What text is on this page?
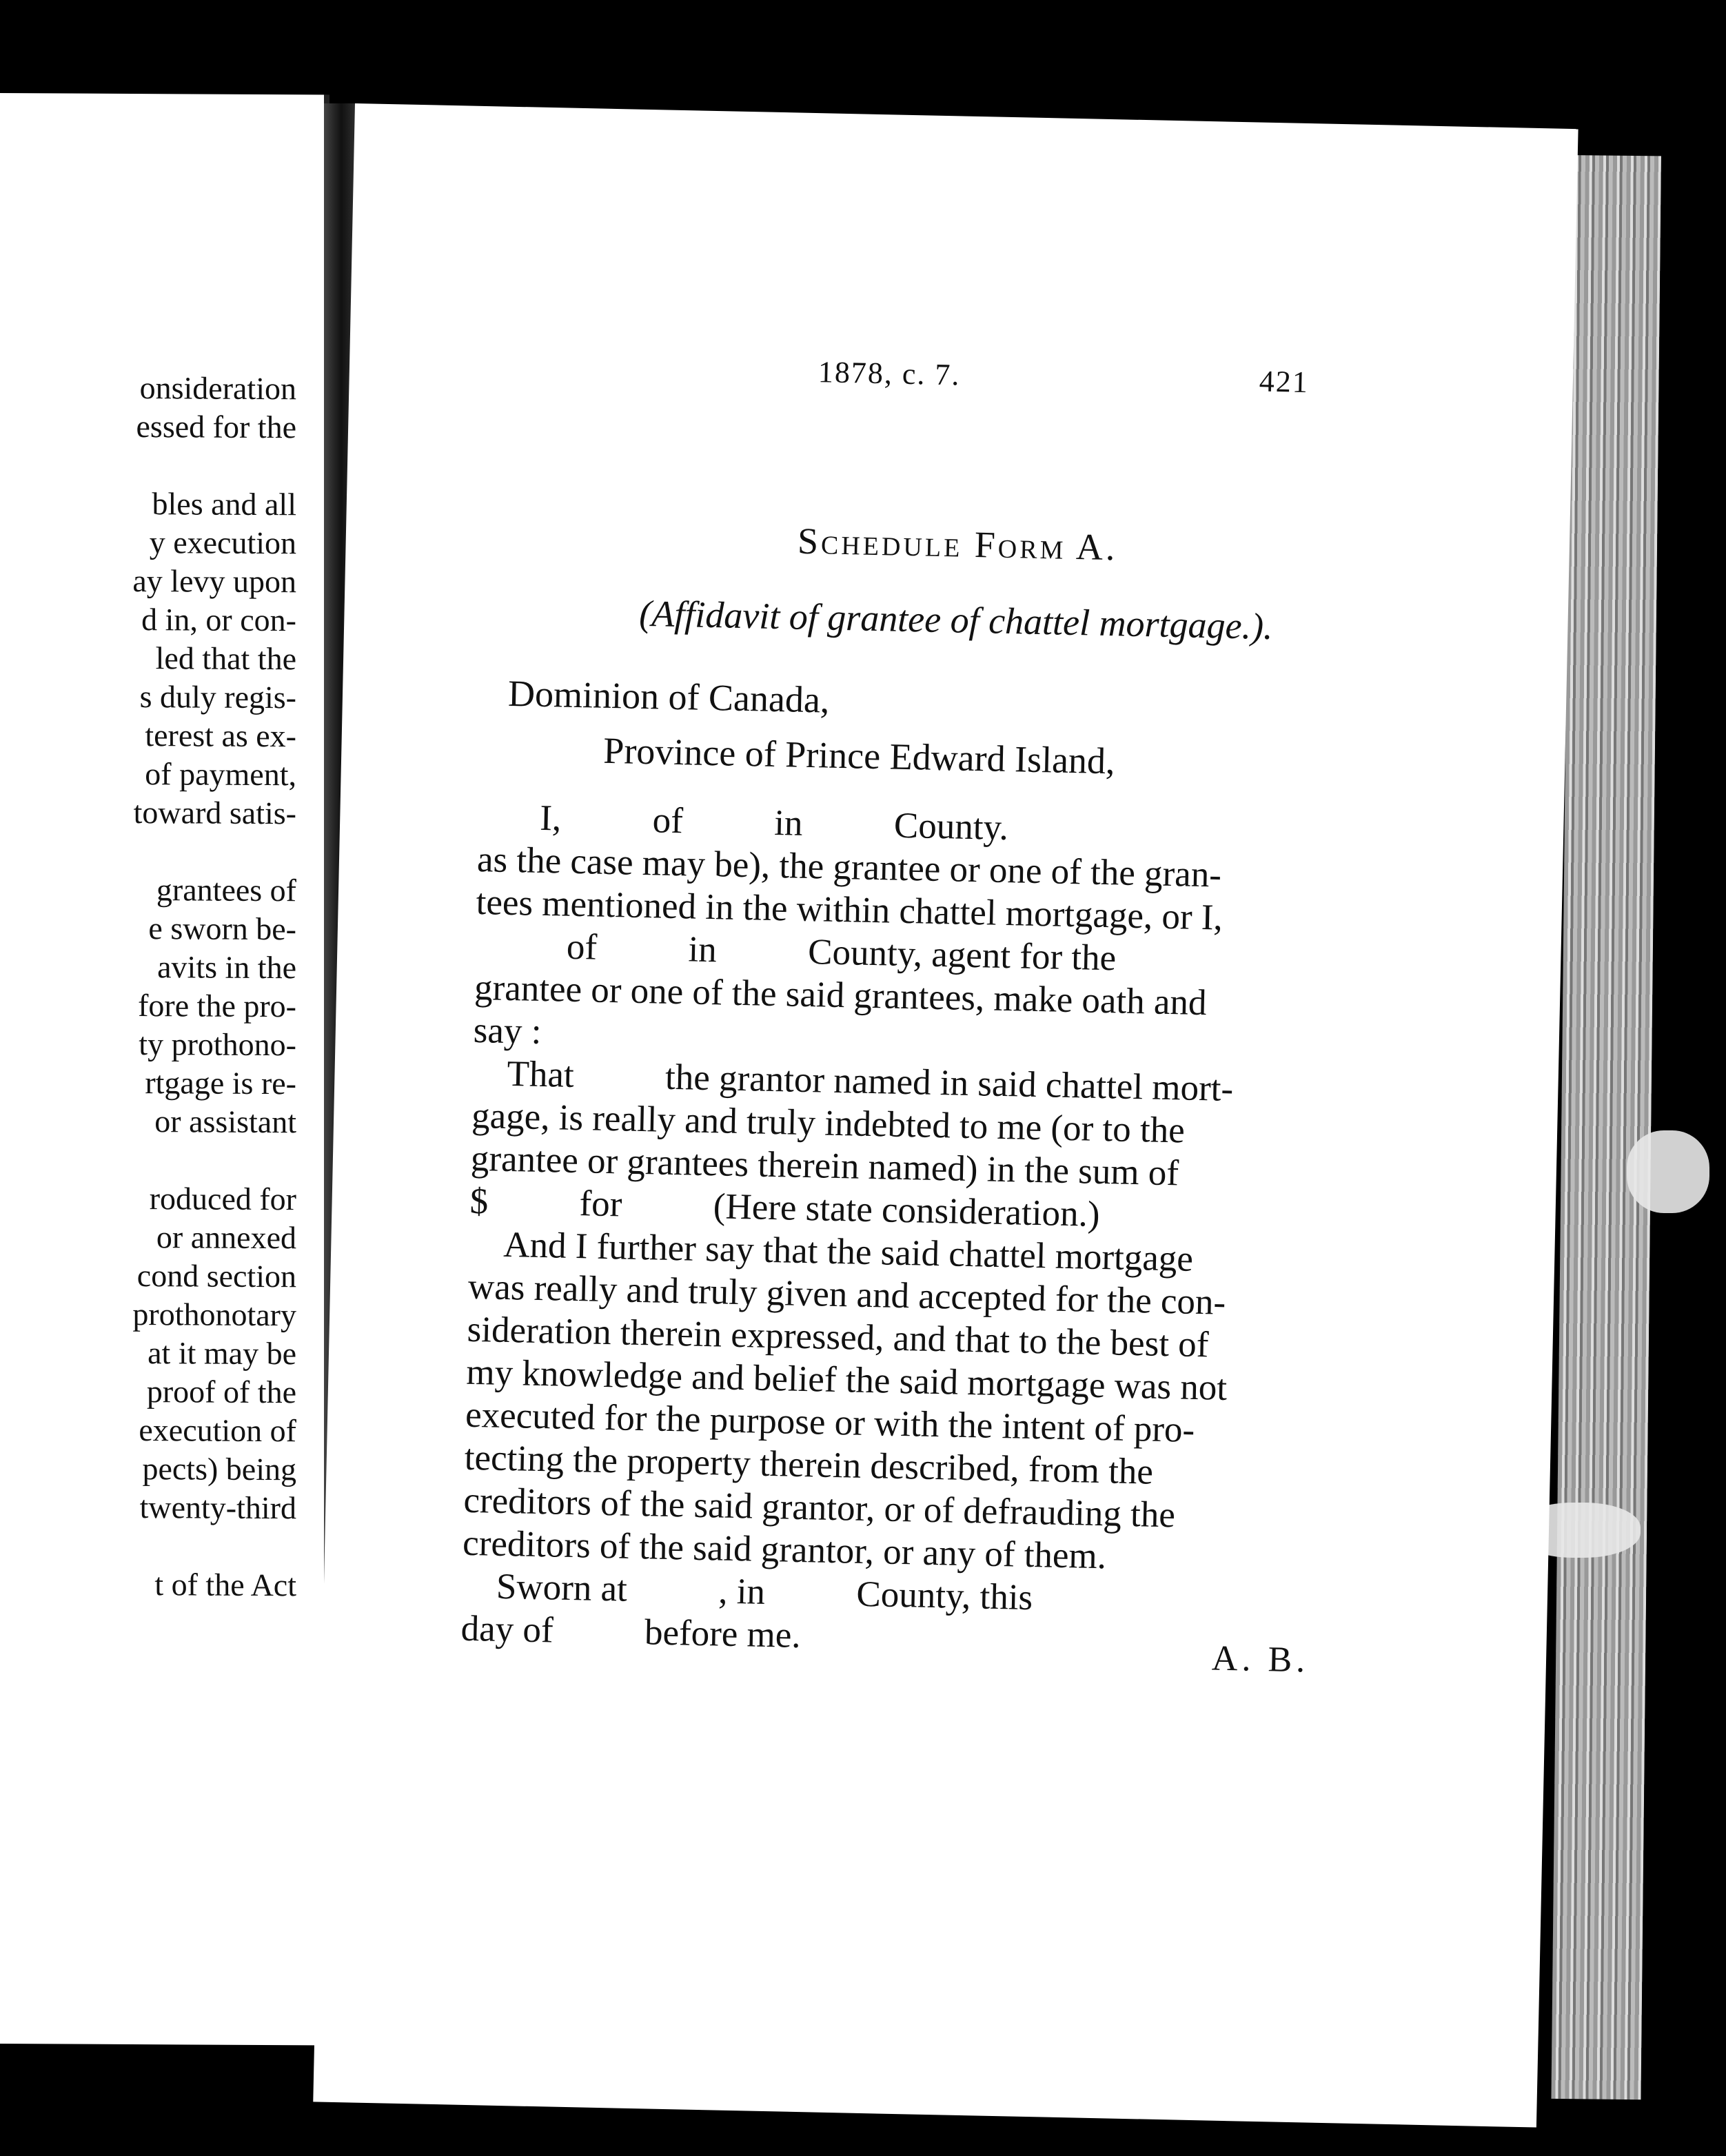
onsideration
essed for the
bles and all
y execution
ay levy upon
d in, or con-
led that the
s duly regis-
terest as ex-
of payment,
toward satis-
grantees of
e sworn be-
avits in the
fore the pro-
ty prothono-
rtgage is re-
or assistant
roduced for
or annexed
cond section
prothonotary
at it may be
proof of the
execution of
pects) being
twenty-third
t of the Act
1878, c. 7.	421
Schedule Form A.
(Affidavit of grantee of chattel mortgage.).
Dominion of Canada,
Province of Prince Edward Island,
I,          of          in          County.
as the case may be), the grantee or one of the gran-
tees mentioned in the within chattel mortgage, or I,
of          in          County, agent for the
grantee or one of the said grantees, make oath and
say :
That          the grantor named in said chattel mort-
gage, is really and truly indebted to me (or to the
grantee or grantees therein named) in the sum of
$          for          (Here state consideration.)
And I further say that the said chattel mortgage
was really and truly given and accepted for the con-
sideration therein expressed, and that to the best of
my knowledge and belief the said mortgage was not
executed for the purpose or with the intent of pro-
tecting the property therein described, from the
creditors of the said grantor, or of defrauding the
creditors of the said grantor, or any of them.
Sworn at          , in          County, this
day of          before me.
A. B.
